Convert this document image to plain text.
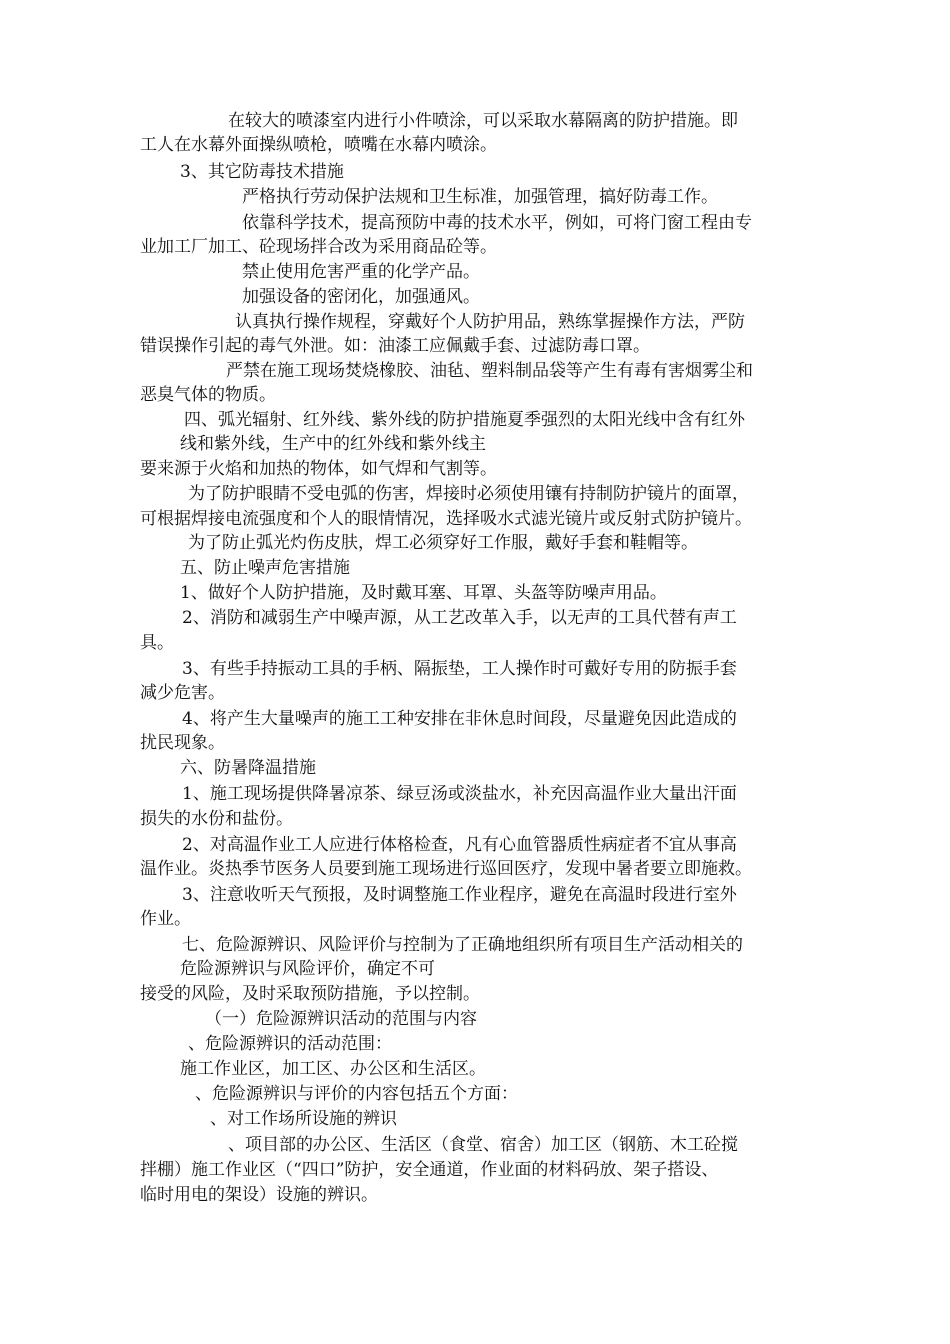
在较大的喷漆室内进行小件喷涂，可以采取水幕隔离的防护措施。即
工人在水幕外面操纵喷枪，喷嘴在水幕内喷涂。
3、其它防毒技术措施
严格执行劳动保护法规和卫生标准，加强管理，搞好防毒工作。
依靠科学技术，提高预防中毒的技术水平，例如，可将门窗工程由专
业加工厂加工、砼现场拌合改为采用商品砼等。
禁止使用危害严重的化学产品。
加强设备的密闭化，加强通风。
认真执行操作规程，穿戴好个人防护用品，熟练掌握操作方法，严防
错误操作引起的毒气外泄。如：油漆工应佩戴手套、过滤防毒口罩。
严禁在施工现场焚烧橡胶、油毡、塑料制品袋等产生有毒有害烟雾尘和
恶臭气体的物质。
四、弧光辐射、红外线、紫外线的防护措施夏季强烈的太阳光线中含有红外
线和紫外线，生产中的红外线和紫外线主
要来源于火焰和加热的物体，如气焊和气割等。
为了防护眼睛不受电弧的伤害，焊接时必须使用镶有持制防护镜片的面罩，
可根据焊接电流强度和个人的眼情情况，选择吸水式滤光镜片或反射式防护镜片。
为了防止弧光灼伤皮肤，焊工必须穿好工作服，戴好手套和鞋帽等。
五、防止噪声危害措施
1、做好个人防护措施，及时戴耳塞、耳罩、头盔等防噪声用品。
2、消防和减弱生产中噪声源，从工艺改革入手，以无声的工具代替有声工
具。
3、有些手持振动工具的手柄、隔振垫，工人操作时可戴好专用的防振手套
减少危害。
4、将产生大量噪声的施工工种安排在非休息时间段，尽量避免因此造成的
扰民现象。
六、防暑降温措施
1、施工现场提供降暑凉茶、绿豆汤或淡盐水，补充因高温作业大量出汗面
损失的水份和盐份。
2、对高温作业工人应进行体格检查，凡有心血管器质性病症者不宜从事高
温作业。炎热季节医务人员要到施工现场进行巡回医疗，发现中暑者要立即施救。
3、注意收听天气预报，及时调整施工作业程序，避免在高温时段进行室外
作业。
七、危险源辨识、风险评价与控制为了正确地组织所有项目生产活动相关的
危险源辨识与风险评价，确定不可
接受的风险，及时采取预防措施，予以控制。
（一）危险源辨识活动的范围与内容
、危险源辨识的活动范围：
施工作业区，加工区、办公区和生活区。
、危险源辨识与评价的内容包括五个方面：
、对工作场所设施的辨识
、项目部的办公区、生活区（食堂、宿舍）加工区（钢筋、木工砼搅
拌棚）施工作业区（“四口”防护，安全通道，作业面的材料码放、架子搭设、
临时用电的架设）设施的辨识。
